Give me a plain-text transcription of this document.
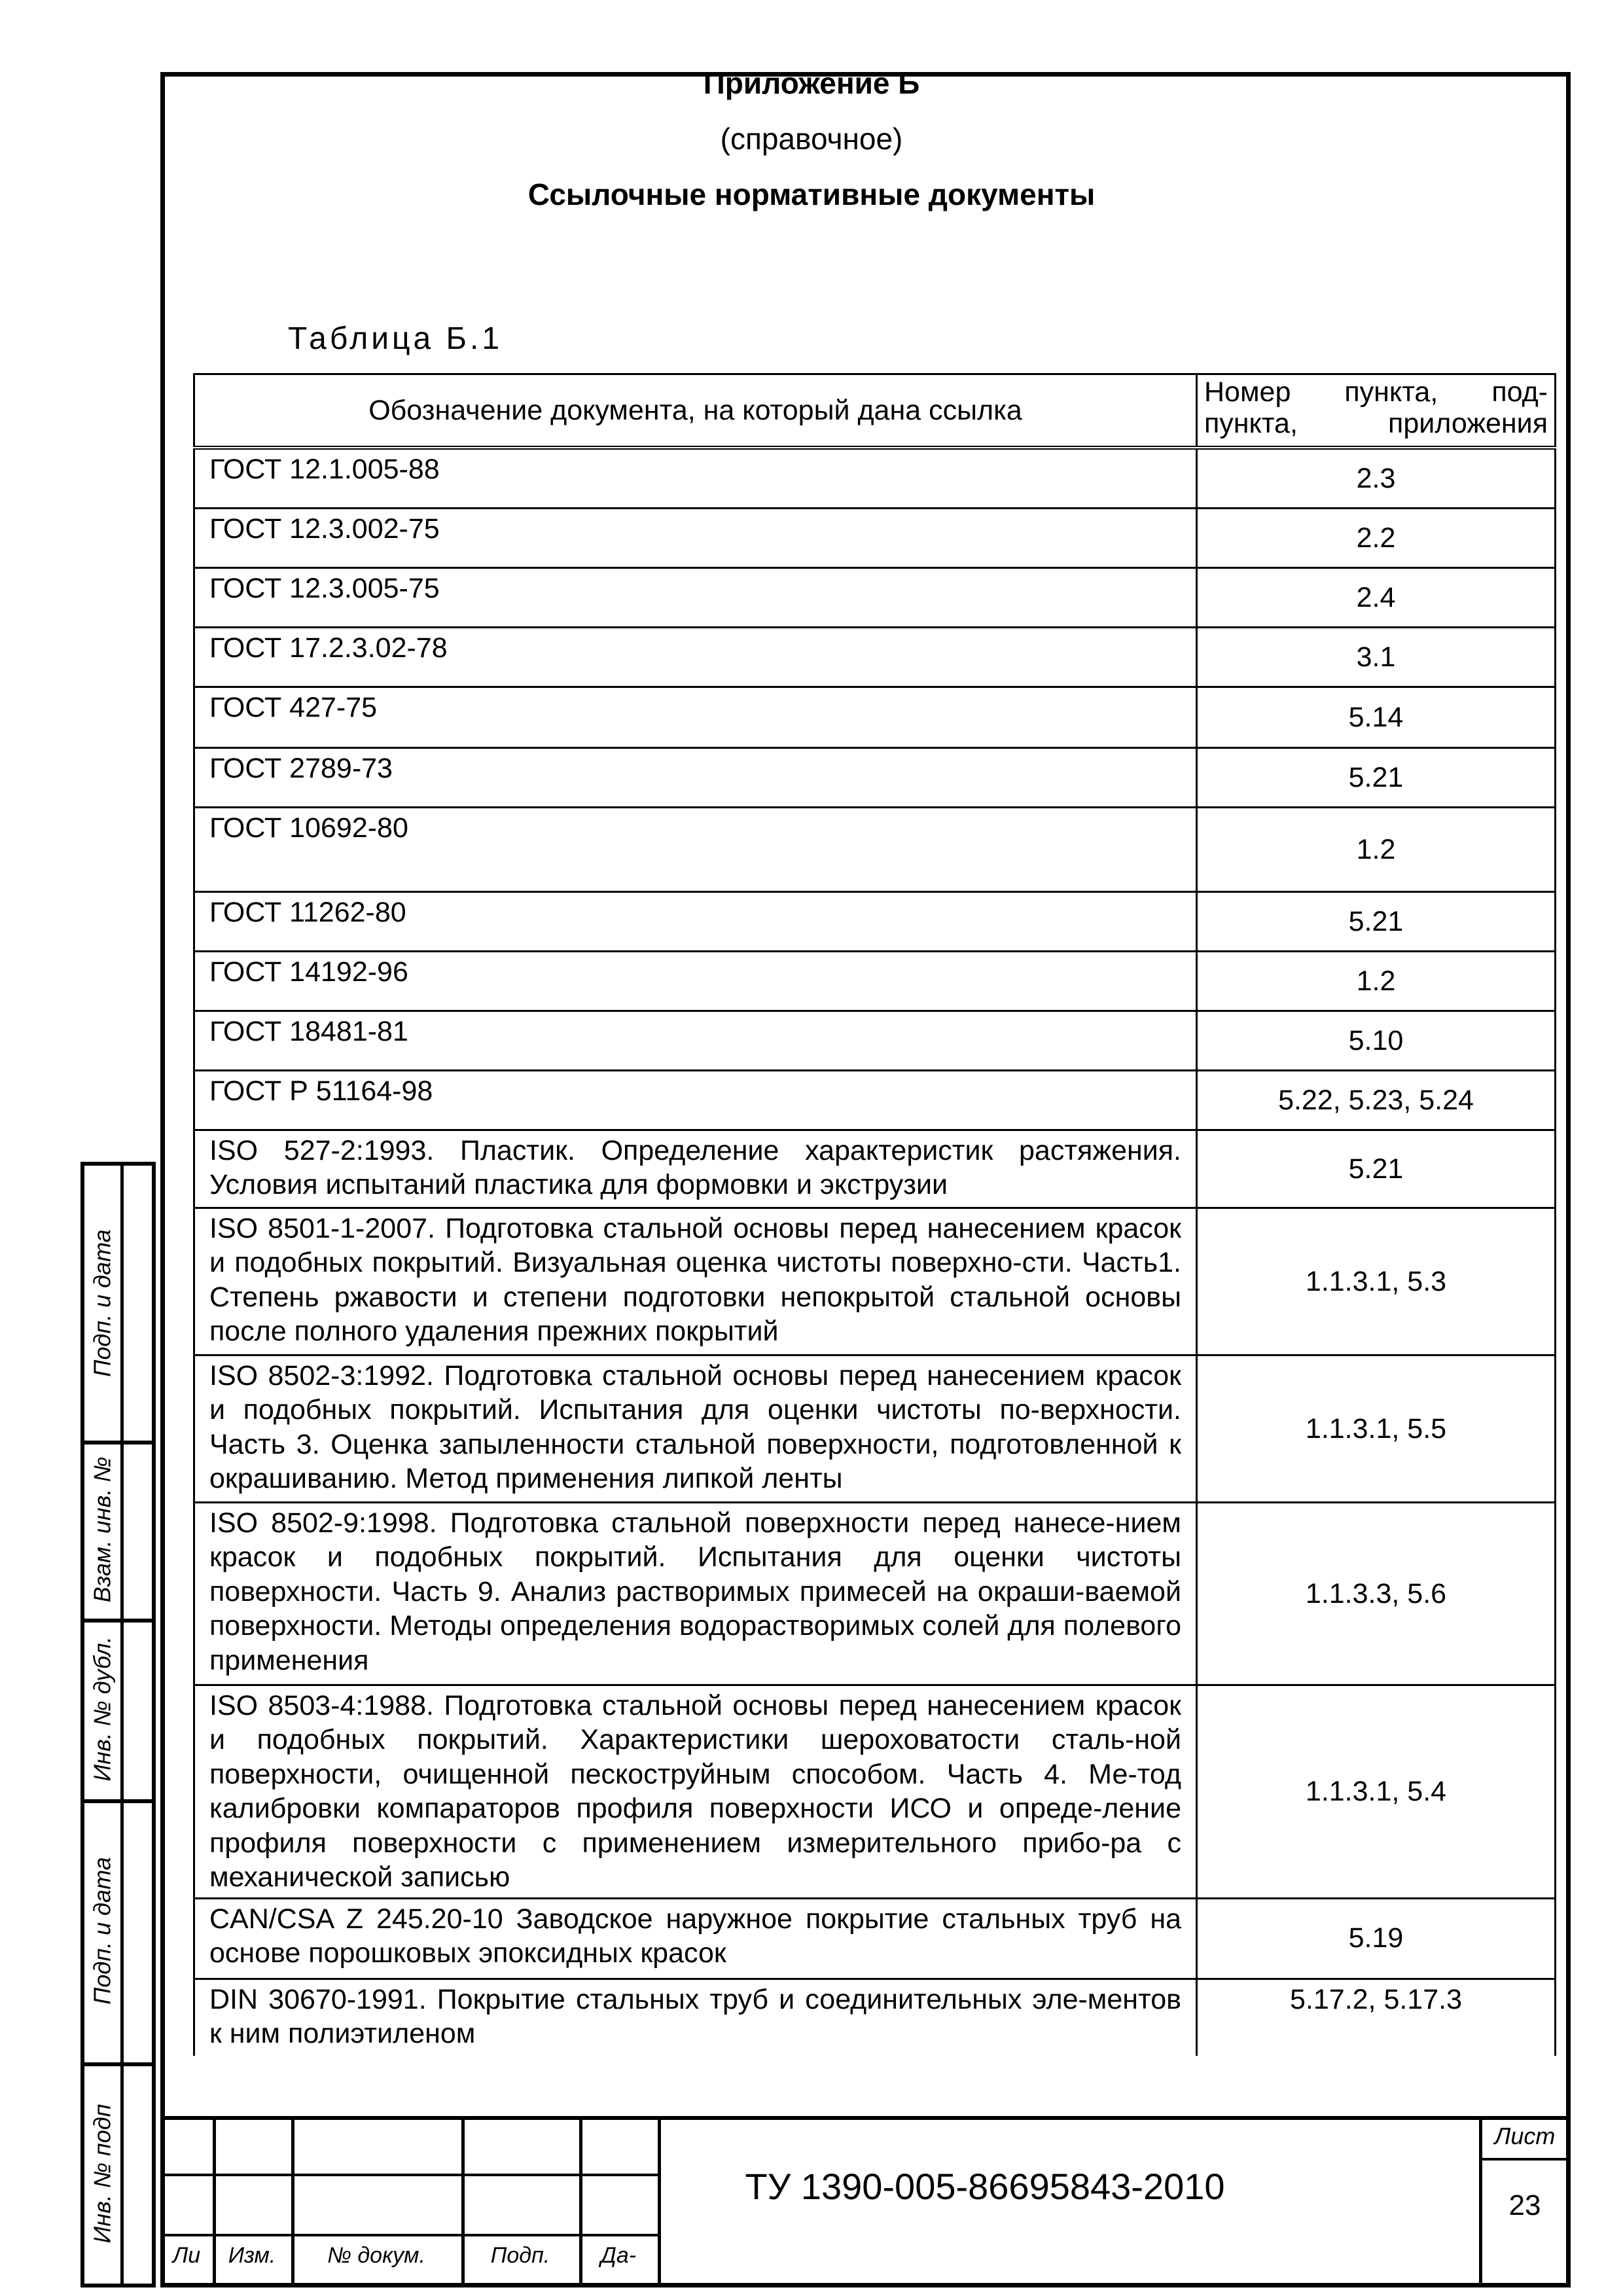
Приложение Б
(справочное)
Ссылочные нормативные документы
Таблица Б.1
Обозначение документа, на который дана ссылка	Номер пункта, под-пункта, приложения
ГОСТ 12.1.005-88	2.3
ГОСТ 12.3.002-75	2.2
ГОСТ 12.3.005-75	2.4
ГОСТ 17.2.3.02-78	3.1
ГОСТ 427-75	5.14
ГОСТ 2789-73	5.21
ГОСТ 10692-80	1.2
ГОСТ 11262-80	5.21
ГОСТ 14192-96	1.2
ГОСТ 18481-81	5.10
ГОСТ Р 51164-98	5.22, 5.23, 5.24
ISO 527-2:1993. Пластик. Определение характеристик растяжения. Условия испытаний пластика для формовки и экструзии	5.21
ISO 8501-1-2007. Подготовка стальной основы перед нанесением красок и подобных покрытий. Визуальная оценка чистоты поверхно-сти. Часть1. Степень ржавости и степени подготовки непокрытой стальной основы после полного удаления прежних покрытий	1.1.3.1, 5.3
ISO 8502-3:1992. Подготовка стальной основы перед нанесением красок и подобных покрытий. Испытания для оценки чистоты по-верхности. Часть 3. Оценка запыленности стальной поверхности, подготовленной к окрашиванию. Метод применения липкой ленты	1.1.3.1, 5.5
ISO 8502-9:1998. Подготовка стальной поверхности перед нанесе-нием красок и подобных покрытий. Испытания для оценки чистоты поверхности. Часть 9. Анализ растворимых примесей на окраши-ваемой поверхности. Методы определения водорастворимых солей для полевого применения	1.1.3.3, 5.6
ISO 8503-4:1988. Подготовка стальной основы перед нанесением красок и подобных покрытий. Характеристики шероховатости сталь-ной поверхности, очищенной пескоструйным способом. Часть 4. Ме-тод калибровки компараторов профиля поверхности ИСО и опреде-ление профиля поверхности с применением измерительного прибо-ра с механической записью	1.1.3.1, 5.4
CAN/CSA Z 245.20-10 Заводское наружное покрытие стальных труб на основе порошковых эпоксидных красок	5.19
DIN 30670-1991. Покрытие стальных труб и соединительных эле-ментов к ним полиэтиленом	5.17.2, 5.17.3
Подп. и дата
Взам. инв. №
Инв. № дубл.
Подп. и дата
Инв. № подп
Ли	Изм.	№ докум.	Подп.	Да-
ТУ 1390-005-86695843-2010
Лист
23
